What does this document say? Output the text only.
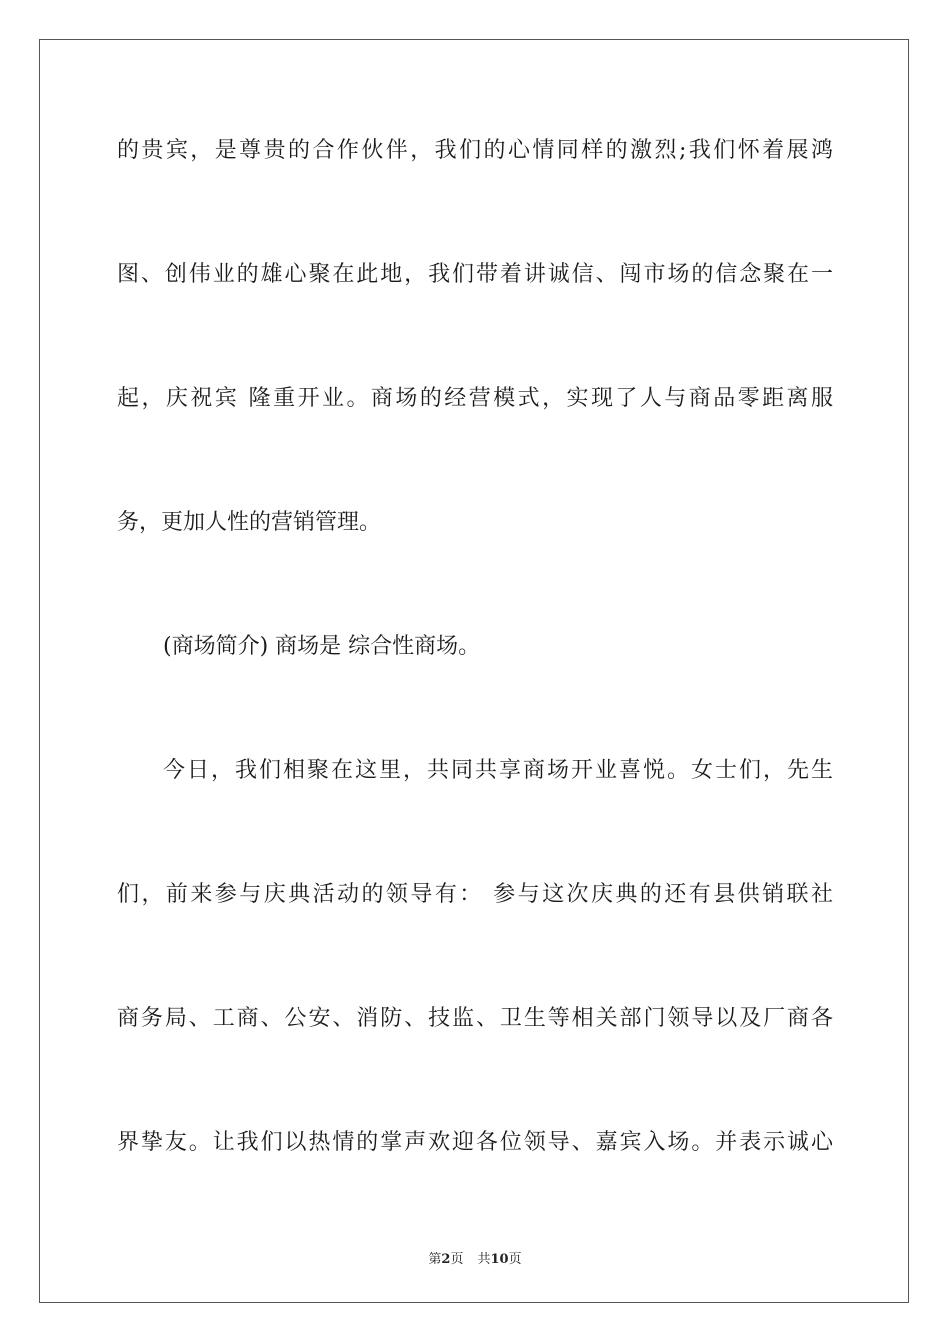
的贵宾，是尊贵的合作伙伴，我们的心情同样的激烈;我们怀着展鸿
图、创伟业的雄心聚在此地，我们带着讲诚信、闯市场的信念聚在一
起，庆祝宾 隆重开业。商场的经营模式，实现了人与商品零距离服
务，更加人性的营销管理。
(商场简介) 商场是 综合性商场。
今日，我们相聚在这里，共同共享商场开业喜悦。女士们，先生
们，前来参与庆典活动的领导有： 参与这次庆典的还有县供销联社
商务局、工商、公安、消防、技监、卫生等相关部门领导以及厂商各
界挚友。让我们以热情的掌声欢迎各位领导、嘉宾入场。并表示诚心
第2页 共10页
